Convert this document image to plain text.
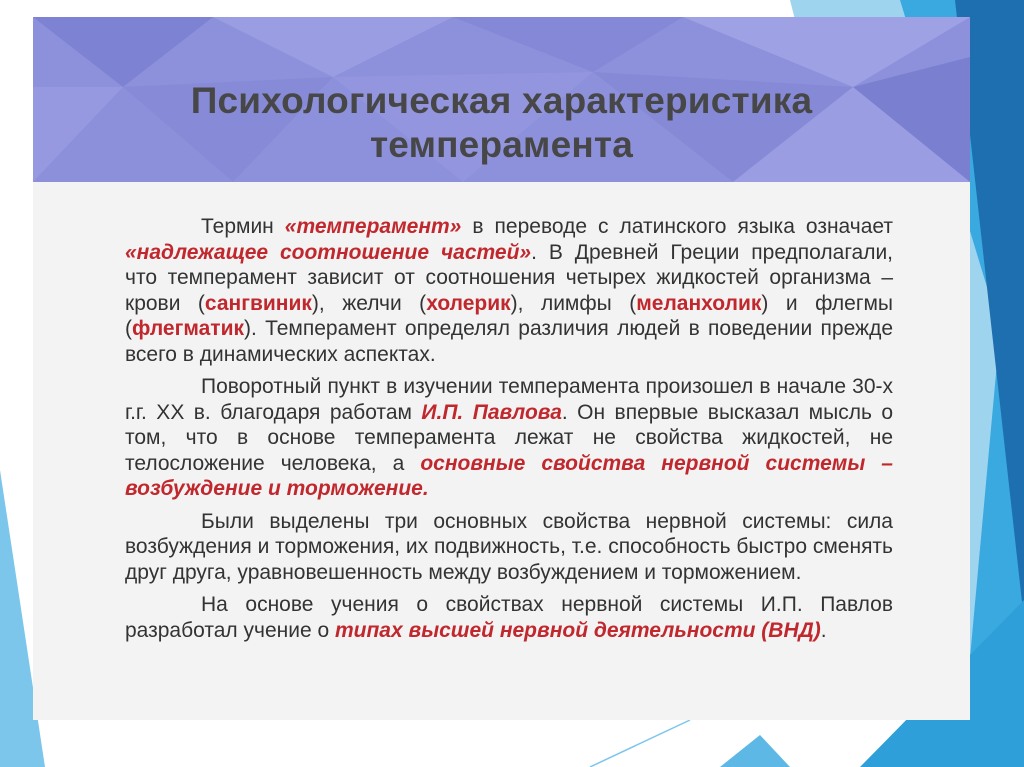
Психологическая характеристика
темперамента

Термин «темперамент» в переводе с латинского языка означает «надлежащее соотношение частей». В Древней Греции предполагали, что темперамент зависит от соотношения четырех жидкостей организма – крови (сангвиник), желчи (холерик), лимфы (меланхолик) и флегмы (флегматик). Темперамент определял различия людей в поведении прежде всего в динамических аспектах.

Поворотный пункт в изучении темперамента произошел в начале 30-х г.г. XX в. благодаря работам И.П. Павлова. Он впервые высказал мысль о том, что в основе темперамента лежат не свойства жидкостей, не телосложение человека, а основные свойства нервной системы – возбуждение и торможение.

Были выделены три основных свойства нервной системы: сила возбуждения и торможения, их подвижность, т.е. способность быстро сменять друг друга, уравновешенность между возбуждением и торможением.

На основе учения о свойствах нервной системы И.П. Павлов разработал учение о типах высшей нервной деятельности (ВНД).
